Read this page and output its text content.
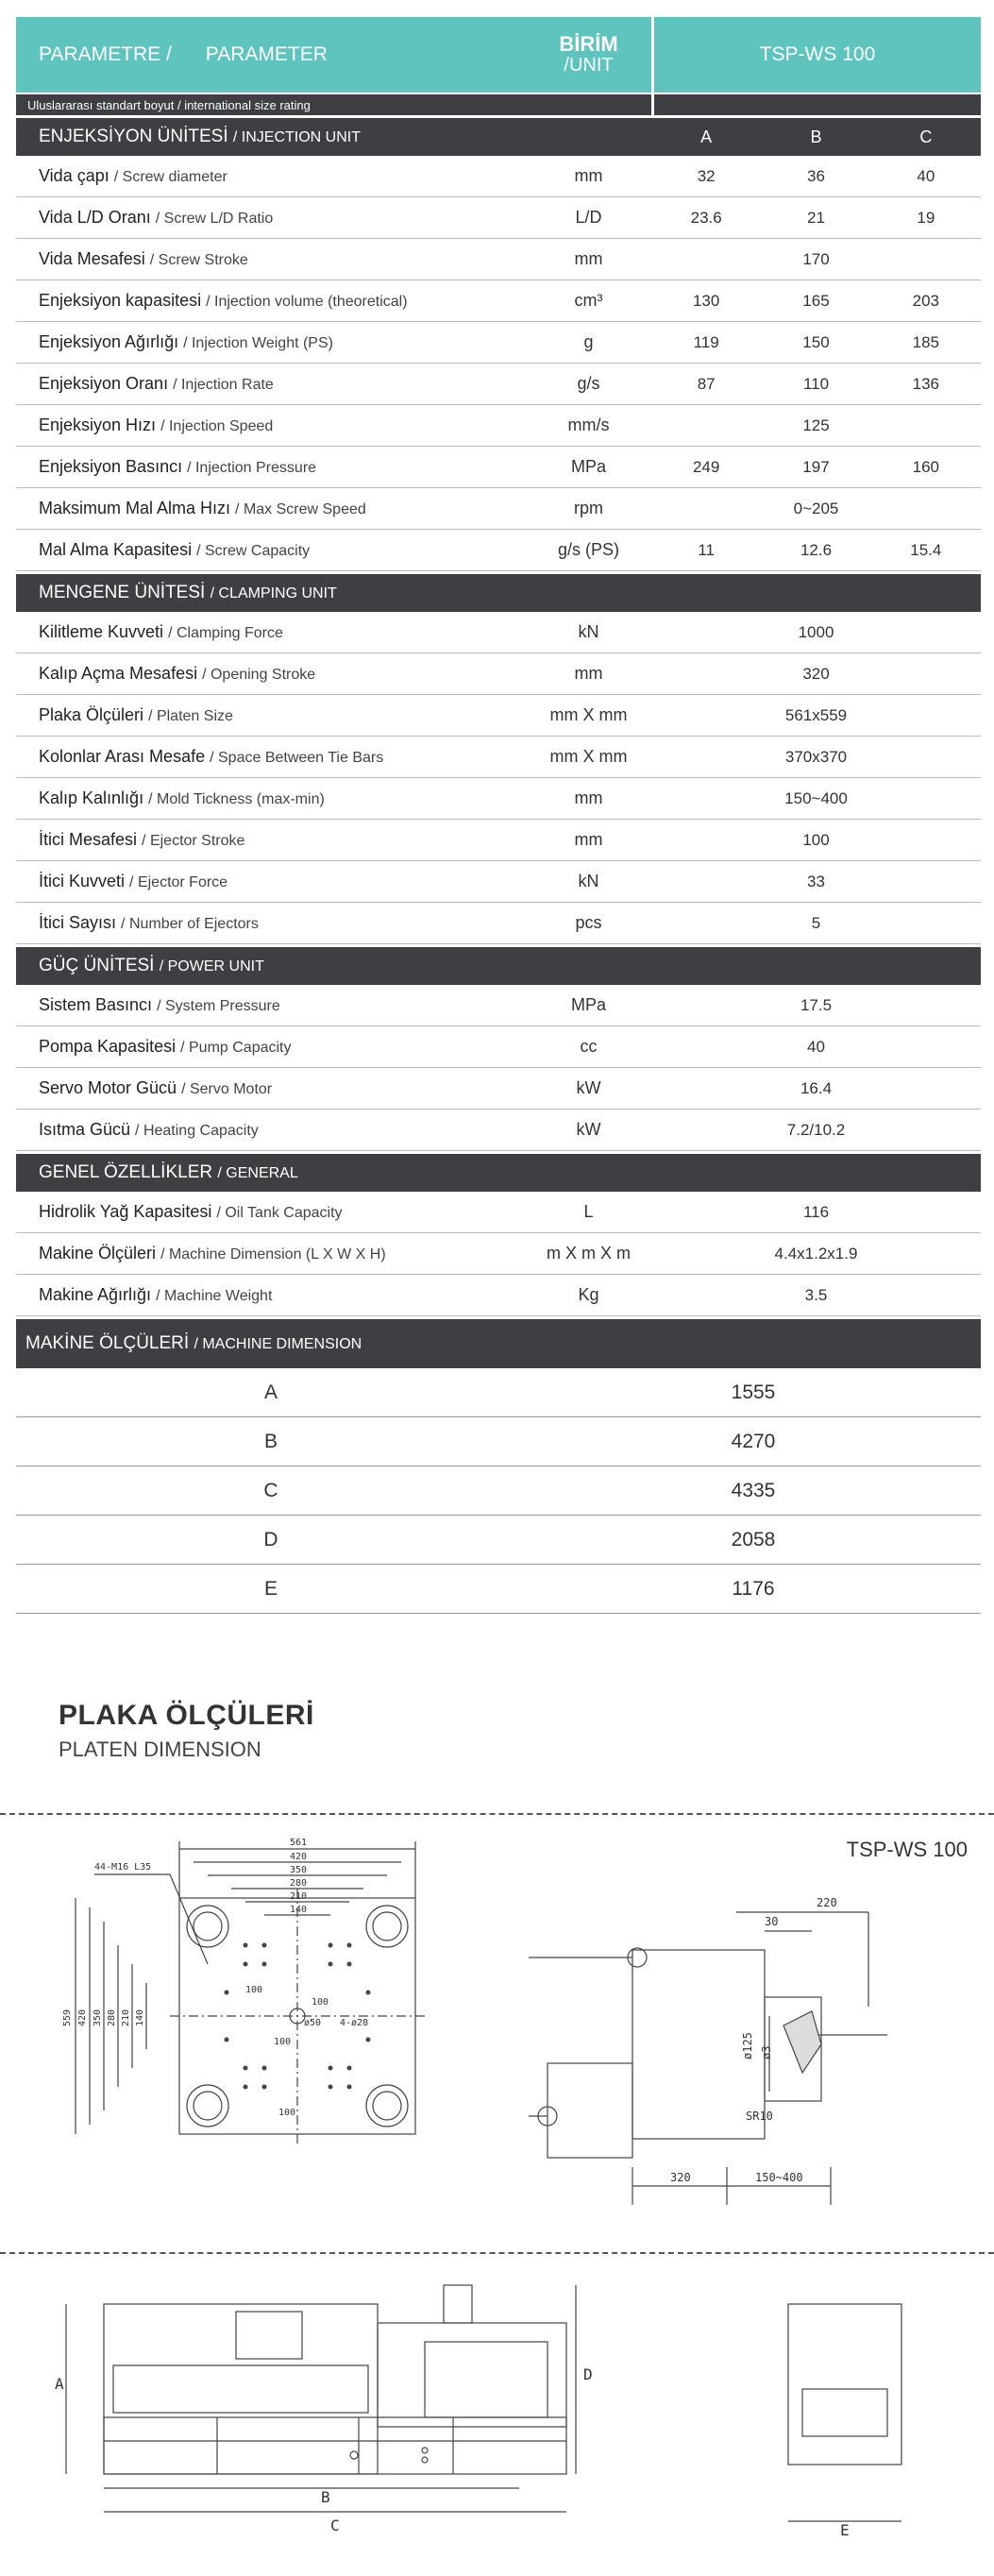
PARAMETRE / PARAMETER	BİRİM
/UNIT	TSP-WS 100
Uluslararası standart boyut / international size rating
ENJEKSİYON ÜNİTESİ / INJECTION UNIT	A	B	C
Vida çapı / Screw diameter	mm	32	36	40
Vida L/D Oranı / Screw L/D Ratio	L/D	23.6	21	19
Vida Mesafesi / Screw Stroke	mm	170
Enjeksiyon kapasitesi / Injection volume (theoretical)	cm³	130	165	203
Enjeksiyon Ağırlığı / Injection Weight (PS)	g	119	150	185
Enjeksiyon Oranı / Injection Rate	g/s	87	110	136
Enjeksiyon Hızı / Injection Speed	mm/s	125
Enjeksiyon Basıncı / Injection Pressure	MPa	249	197	160
Maksimum Mal Alma Hızı / Max Screw Speed	rpm	0~205
Mal Alma Kapasitesi / Screw Capacity	g/s (PS)	11	12.6	15.4
MENGENE ÜNİTESİ / CLAMPING UNIT
Kilitleme Kuvveti / Clamping Force	kN	1000
Kalıp Açma Mesafesi / Opening Stroke	mm	320
Plaka Ölçüleri / Platen Size	mm X mm	561x559
Kolonlar Arası Mesafe / Space Between Tie Bars	mm X mm	370x370
Kalıp Kalınlığı / Mold Tickness (max-min)	mm	150~400
İtici Mesafesi / Ejector Stroke	mm	100
İtici Kuvveti / Ejector Force	kN	33
İtici Sayısı / Number of Ejectors	pcs	5
GÜÇ ÜNİTESİ / POWER UNIT
Sistem Basıncı / System Pressure	MPa	17.5
Pompa Kapasitesi / Pump Capacity	cc	40
Servo Motor Gücü / Servo Motor	kW	16.4
Isıtma Gücü / Heating Capacity	kW	7.2/10.2
GENEL ÖZELLİKLER / GENERAL
Hidrolik Yağ Kapasitesi / Oil Tank Capacity	L	116
Makine Ölçüleri / Machine Dimension (L X W X H)	m X m X m	4.4x1.2x1.9
Makine Ağırlığı / Machine Weight	Kg	3.5
MAKİNE ÖLÇÜLERİ / MACHINE DIMENSION
A	1555
B	4270
C	4335
D	2058
E	1176
PLAKA ÖLÇÜLERİ
PLATEN DIMENSION
TSP-WS 100
561
420
350
280
210
140
44-M16 L35
559 420 350 280 210 140
100
100
ø50 4-ø28
100
100
220
30
ø125 ø3
SR10
320	150~400
A
B
C
D
E
